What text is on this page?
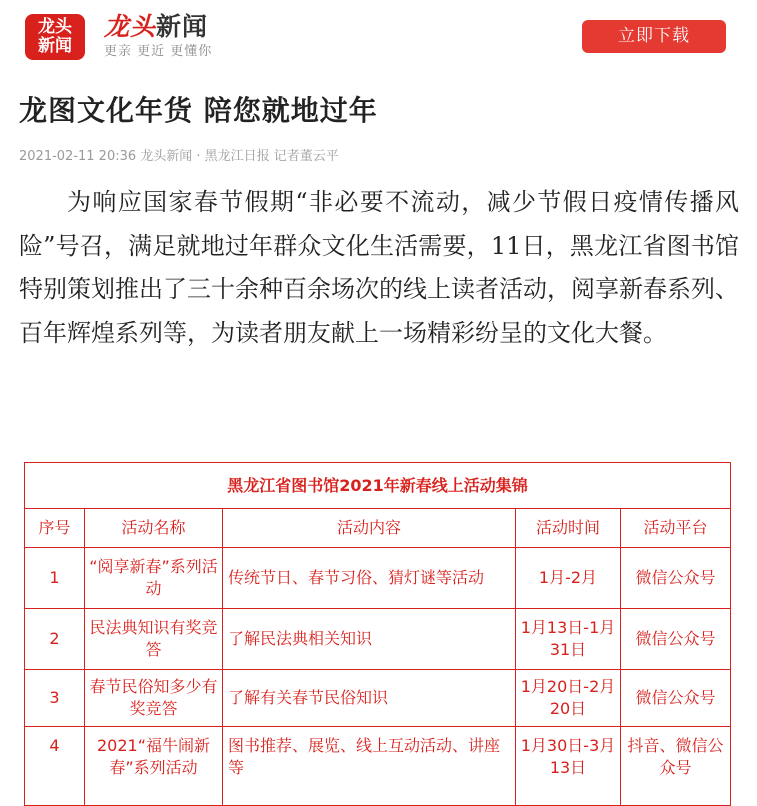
龙头
新闻
龙头新闻
更亲 更近 更懂你
立即下载
龙图文化年货 陪您就地过年
2021-02-11 20:36 龙头新闻 · 黑龙江日报 记者董云平

为响应国家春节假期“非必要不流动，减少节假日疫情传播风险”号召，满足就地过年群众文化生活需要，11日，黑龙江省图书馆特别策划推出了三十余种百余场次的线上读者活动，阅享新春系列、百年辉煌系列等，为读者朋友献上一场精彩纷呈的文化大餐。

黑龙江省图书馆2021年新春线上活动集锦				
序号	活动名称	活动内容	活动时间	活动平台
1	“阅享新春”系列活动	传统节日、春节习俗、猜灯谜等活动	1月-2月	微信公众号
2	民法典知识有奖竞答	了解民法典相关知识	1月13日-1月31日	微信公众号
3	春节民俗知多少有奖竞答	了解有关春节民俗知识	1月20日-2月20日	微信公众号
4	2021“福牛闹新春”系列活动	图书推荐、展览、线上互动活动、讲座等	1月30日-3月13日	抖音、微信公众号
